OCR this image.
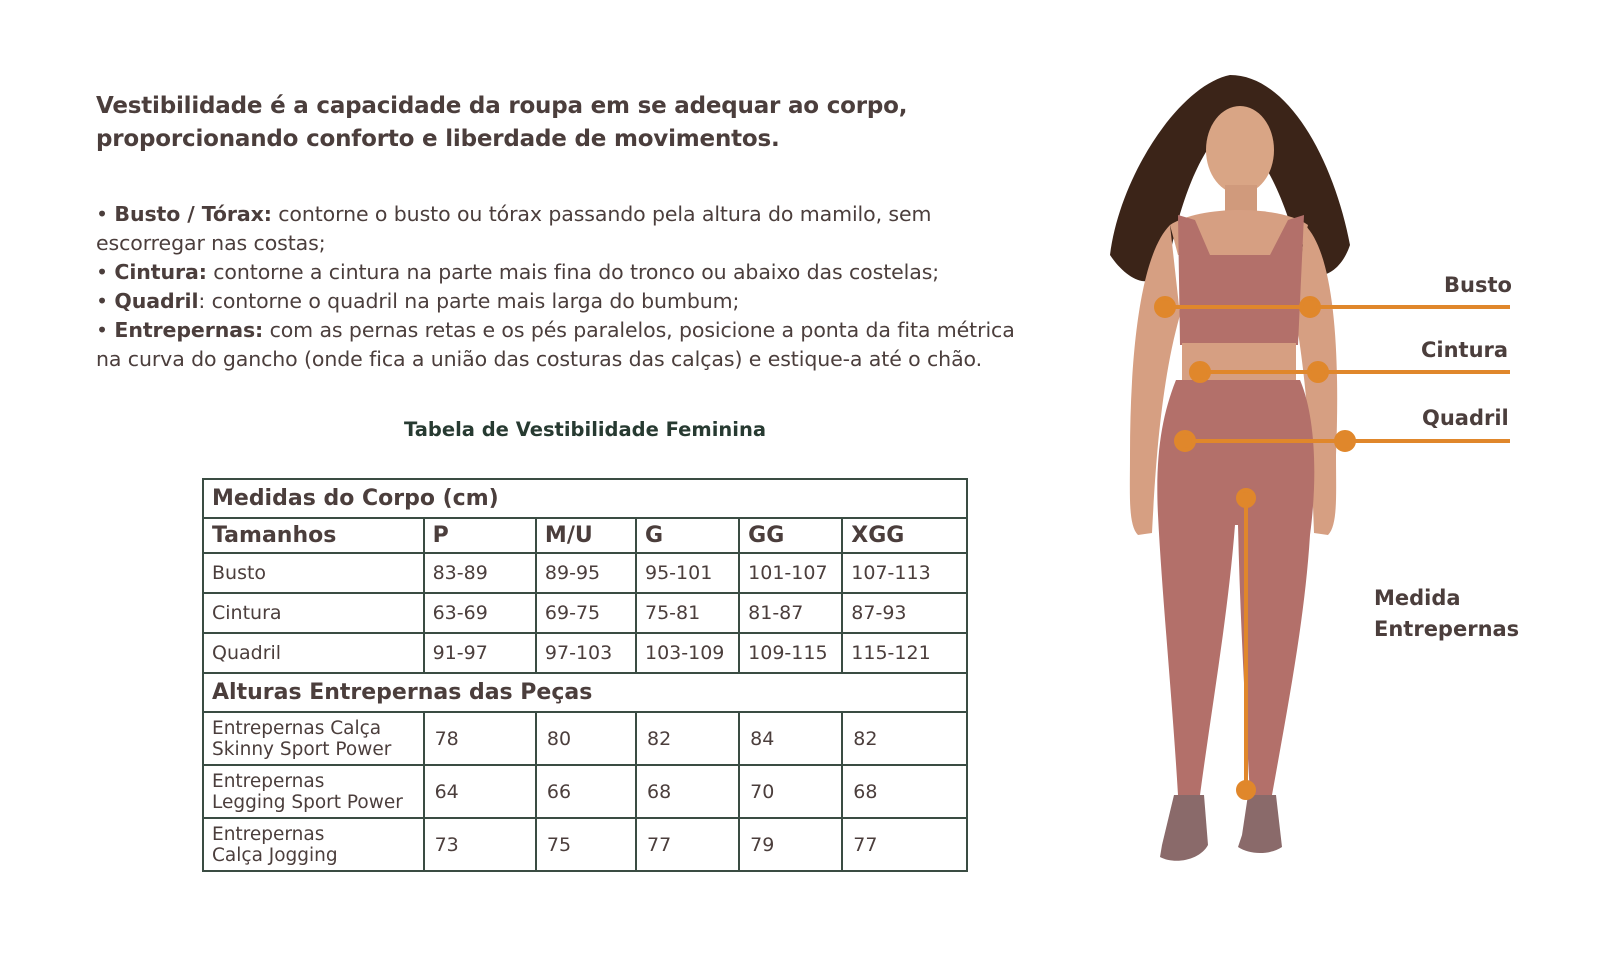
Vestibilidade é a capacidade da roupa em se adequar ao corpo,
proporcionando conforto e liberdade de movimentos.
• Busto / Tórax: contorne o busto ou tórax passando pela altura do mamilo, sem
escorregar nas costas;
• Cintura: contorne a cintura na parte mais fina do tronco ou abaixo das costelas;
• Quadril: contorne o quadril na parte mais larga do bumbum;
• Entrepernas: com as pernas retas e os pés paralelos, posicione a ponta da fita métrica
na curva do gancho (onde fica a união das costuras das calças) e estique-a até o chão.
Tabela de Vestibilidade Feminina
Medidas do Corpo (cm)					
Tamanhos	P	M/U	G	GG	XGG
Busto	83-89	89-95	95-101	101-107	107-113
Cintura	63-69	69-75	75-81	81-87	87-93
Quadril	91-97	97-103	103-109	109-115	115-121
Alturas Entrepernas das Peças					

Entrepernas Calça
Skinny Sport Power	78	80	82	84	82

Entrepernas
Legging Sport Power	64	66	68	70	68

Entrepernas
Calça Jogging	73	75	77	79	77
Busto
Cintura
Quadril
Medida
Entrepernas
